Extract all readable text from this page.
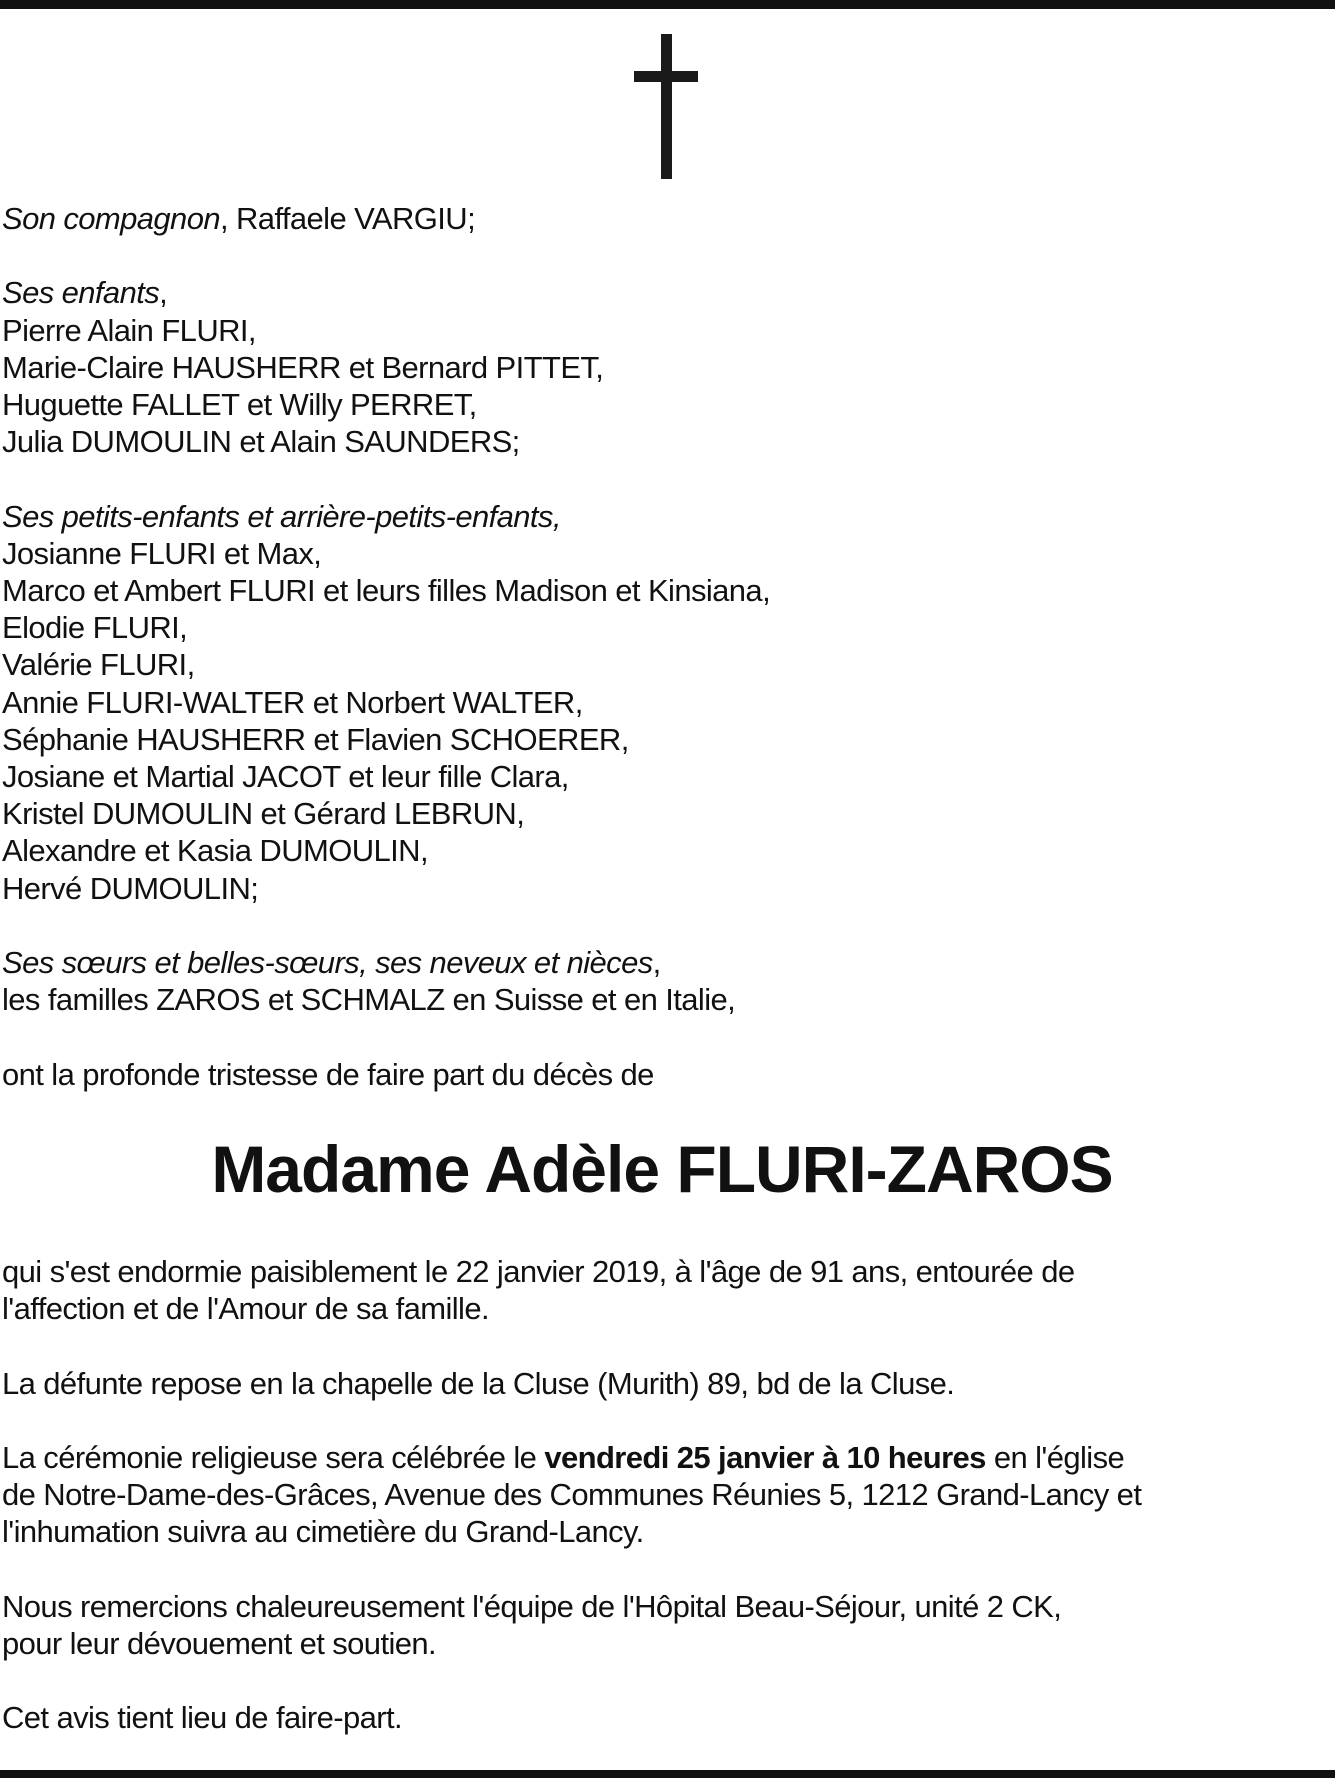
Son compagnon, Raffaele VARGIU;

Ses enfants,
Pierre Alain FLURI,
Marie-Claire HAUSHERR et Bernard PITTET,
Huguette FALLET et Willy PERRET,
Julia DUMOULIN et Alain SAUNDERS;

Ses petits-enfants et arrière-petits-enfants,
Josianne FLURI et Max,
Marco et Ambert FLURI et leurs filles Madison et Kinsiana,
Elodie FLURI,
Valérie FLURI,
Annie FLURI-WALTER et Norbert WALTER,
Séphanie HAUSHERR et Flavien SCHOERER,
Josiane et Martial JACOT et leur fille Clara,
Kristel DUMOULIN et Gérard LEBRUN,
Alexandre et Kasia DUMOULIN,
Hervé DUMOULIN;

Ses sœurs et belles-sœurs, ses neveux et nièces,
les familles ZAROS et SCHMALZ en Suisse et en Italie,

ont la profonde tristesse de faire part du décès de

Madame Adèle FLURI-ZAROS

qui s'est endormie paisiblement le 22 janvier 2019, à l'âge de 91 ans, entourée de
l'affection et de l'Amour de sa famille.

La défunte repose en la chapelle de la Cluse (Murith) 89, bd de la Cluse.

La cérémonie religieuse sera célébrée le vendredi 25 janvier à 10 heures en l'église
de Notre-Dame-des-Grâces, Avenue des Communes Réunies 5, 1212 Grand-Lancy et
l'inhumation suivra au cimetière du Grand-Lancy.

Nous remercions chaleureusement l'équipe de l'Hôpital Beau-Séjour, unité 2 CK,
pour leur dévouement et soutien.

Cet avis tient lieu de faire-part.
